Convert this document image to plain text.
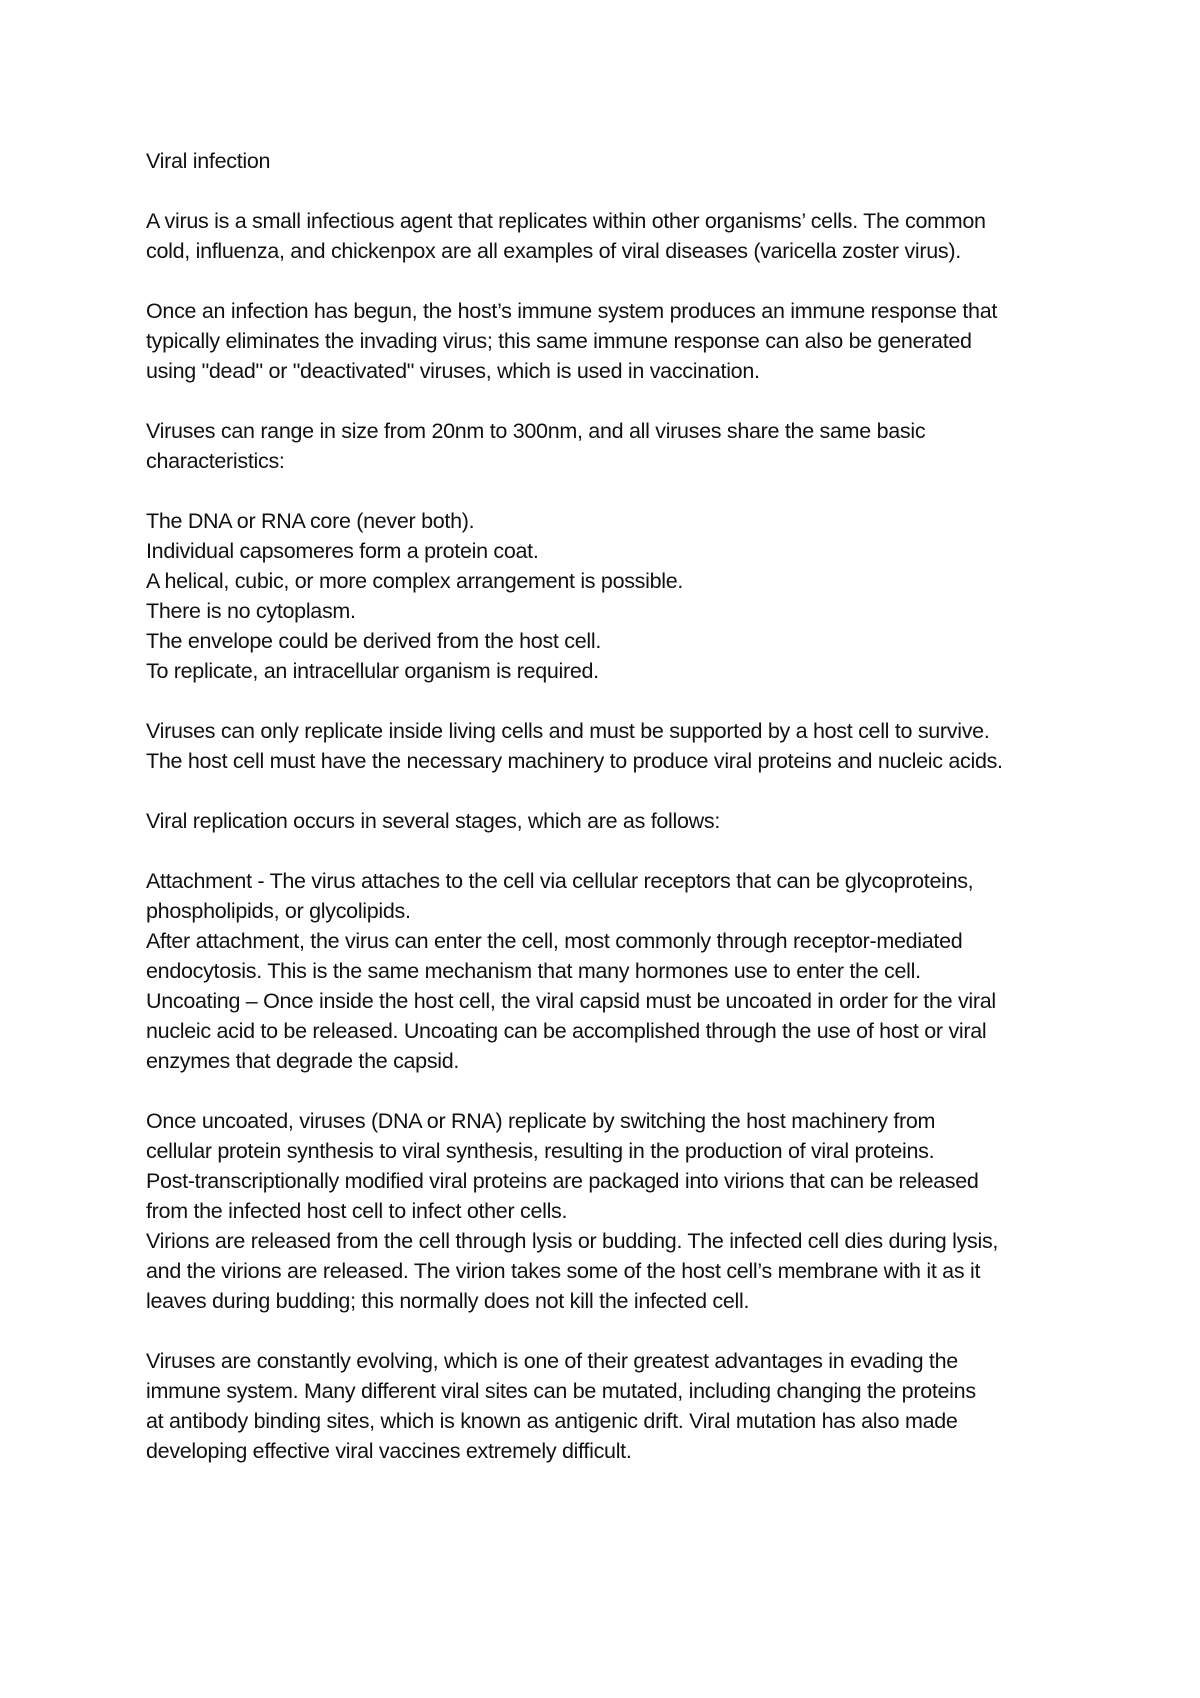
Viral infection
A virus is a small infectious agent that replicates within other organisms’ cells. The common
cold, influenza, and chickenpox are all examples of viral diseases (varicella zoster virus).
Once an infection has begun, the host’s immune system produces an immune response that
typically eliminates the invading virus; this same immune response can also be generated
using "dead" or "deactivated" viruses, which is used in vaccination.
Viruses can range in size from 20nm to 300nm, and all viruses share the same basic
characteristics:
The DNA or RNA core (never both).
Individual capsomeres form a protein coat.
A helical, cubic, or more complex arrangement is possible.
There is no cytoplasm.
The envelope could be derived from the host cell.
To replicate, an intracellular organism is required.
Viruses can only replicate inside living cells and must be supported by a host cell to survive.
The host cell must have the necessary machinery to produce viral proteins and nucleic acids.
Viral replication occurs in several stages, which are as follows:
Attachment - The virus attaches to the cell via cellular receptors that can be glycoproteins,
phospholipids, or glycolipids.
After attachment, the virus can enter the cell, most commonly through receptor-mediated
endocytosis. This is the same mechanism that many hormones use to enter the cell.
Uncoating – Once inside the host cell, the viral capsid must be uncoated in order for the viral
nucleic acid to be released. Uncoating can be accomplished through the use of host or viral
enzymes that degrade the capsid.
Once uncoated, viruses (DNA or RNA) replicate by switching the host machinery from
cellular protein synthesis to viral synthesis, resulting in the production of viral proteins.
Post-transcriptionally modified viral proteins are packaged into virions that can be released
from the infected host cell to infect other cells.
Virions are released from the cell through lysis or budding. The infected cell dies during lysis,
and the virions are released. The virion takes some of the host cell’s membrane with it as it
leaves during budding; this normally does not kill the infected cell.
Viruses are constantly evolving, which is one of their greatest advantages in evading the
immune system. Many different viral sites can be mutated, including changing the proteins
at antibody binding sites, which is known as antigenic drift. Viral mutation has also made
developing effective viral vaccines extremely difficult.
